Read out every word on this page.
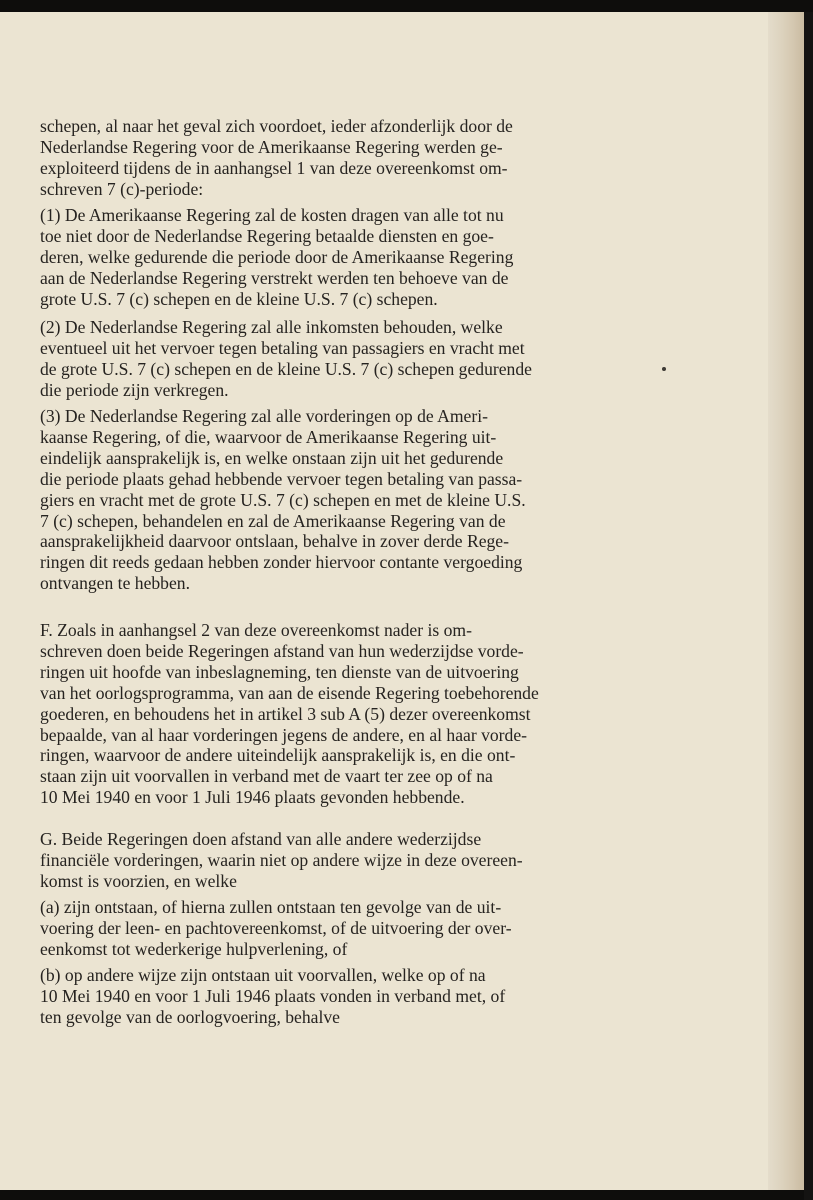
schepen, al naar het geval zich voordoet, ieder afzonderlijk door de
Nederlandse Regering voor de Amerikaanse Regering werden ge-
exploiteerd tijdens de in aanhangsel 1 van deze overeenkomst om-
schreven 7 (c)-periode:
(1) De Amerikaanse Regering zal de kosten dragen van alle tot nu
toe niet door de Nederlandse Regering betaalde diensten en goe-
deren, welke gedurende die periode door de Amerikaanse Regering
aan de Nederlandse Regering verstrekt werden ten behoeve van de
grote U.S. 7 (c) schepen en de kleine U.S. 7 (c) schepen.
(2) De Nederlandse Regering zal alle inkomsten behouden, welke
eventueel uit het vervoer tegen betaling van passagiers en vracht met
de grote U.S. 7 (c) schepen en de kleine U.S. 7 (c) schepen gedurende
die periode zijn verkregen.
(3) De Nederlandse Regering zal alle vorderingen op de Ameri-
kaanse Regering, of die, waarvoor de Amerikaanse Regering uit-
eindelijk aansprakelijk is, en welke onstaan zijn uit het gedurende
die periode plaats gehad hebbende vervoer tegen betaling van passa-
giers en vracht met de grote U.S. 7 (c) schepen en met de kleine U.S.
7 (c) schepen, behandelen en zal de Amerikaanse Regering van de
aansprakelijkheid daarvoor ontslaan, behalve in zover derde Rege-
ringen dit reeds gedaan hebben zonder hiervoor contante vergoeding
ontvangen te hebben.
F. Zoals in aanhangsel 2 van deze overeenkomst nader is om-
schreven doen beide Regeringen afstand van hun wederzijdse vorde-
ringen uit hoofde van inbeslagneming, ten dienste van de uitvoering
van het oorlogsprogramma, van aan de eisende Regering toebehorende
goederen, en behoudens het in artikel 3 sub A (5) dezer overeenkomst
bepaalde, van al haar vorderingen jegens de andere, en al haar vorde-
ringen, waarvoor de andere uiteindelijk aansprakelijk is, en die ont-
staan zijn uit voorvallen in verband met de vaart ter zee op of na
10 Mei 1940 en voor 1 Juli 1946 plaats gevonden hebbende.
G. Beide Regeringen doen afstand van alle andere wederzijdse
financiële vorderingen, waarin niet op andere wijze in deze overeen-
komst is voorzien, en welke
(a) zijn ontstaan, of hierna zullen ontstaan ten gevolge van de uit-
voering der leen- en pachtovereenkomst, of de uitvoering der over-
eenkomst tot wederkerige hulpverlening, of
(b) op andere wijze zijn ontstaan uit voorvallen, welke op of na
10 Mei 1940 en voor 1 Juli 1946 plaats vonden in verband met, of
ten gevolge van de oorlogvoering, behalve
